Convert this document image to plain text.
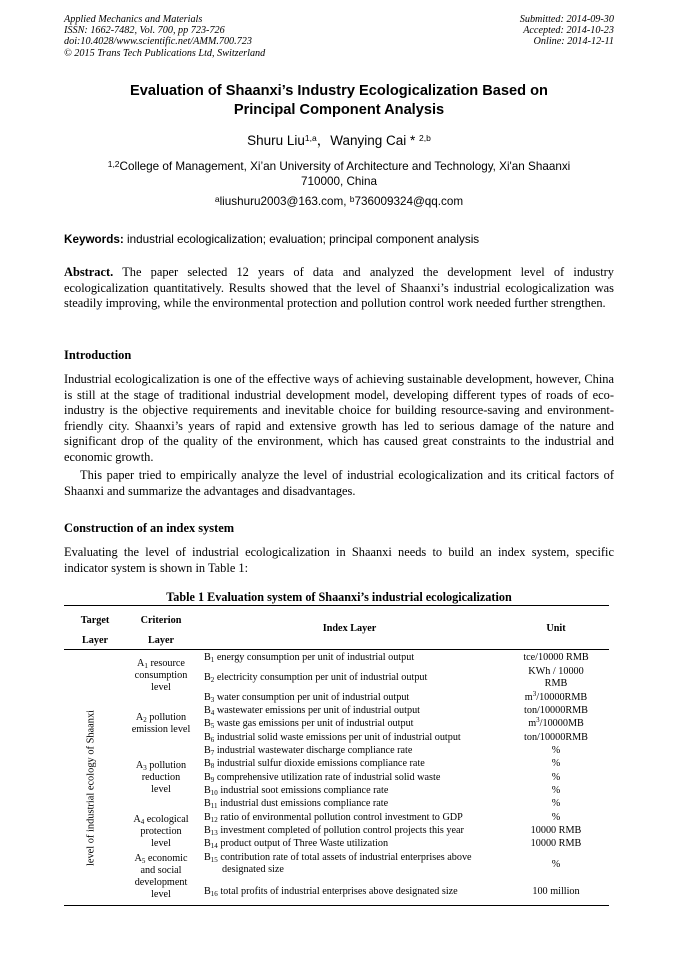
Applied Mechanics and Materials
ISSN: 1662-7482, Vol. 700, pp 723-726
doi:10.4028/www.scientific.net/AMM.700.723
© 2015 Trans Tech Publications Ltd, Switzerland
Submitted: 2014-09-30
Accepted: 2014-10-23
Online: 2014-12-11
Evaluation of Shaanxi’s Industry Ecologicalization Based on
Principal Component Analysis
Shuru Liu$^{1,a}$，Wanying Cai * $^{2,b}$
$^{1,2}$College of Management, Xi’an University of Architecture and Technology, Xi'an Shaanxi
710000, China
$^a$liushuru2003@163.com, $^b$736009324@qq.com
Keywords: industrial ecologicalization; evaluation; principal component analysis
Abstract. The paper selected 12 years of data and analyzed the development level of industry ecologicalization quantitatively. Results showed that the level of Shaanxi’s industrial ecologicalization was steadily improving, while the environmental protection and pollution control work needed further strengthen.
Introduction
Industrial ecologicalization is one of the effective ways of achieving sustainable development, however, China is still at the stage of traditional industrial development model, developing different types of roads of eco-industry is the objective requirements and inevitable choice for building resource-saving and environment-friendly city. Shaanxi’s years of rapid and extensive growth has led to serious damage of the nature and significant drop of the quality of the environment, which has caused great constraints to the industrial and economic growth.
This paper tried to empirically analyze the level of industrial ecologicalization and its critical factors of Shaanxi and summarize the advantages and disadvantages.
Construction of an index system
Evaluating the level of industrial ecologicalization in Shaanxi needs to build an index system, specific indicator system is shown in Table 1:
Table 1 Evaluation system of Shaanxi’s industrial ecologicalization
Target
Layer
Criterion
Layer
Index Layer	Unit
level of industrial ecology of Shaanxi
A1 resource
consumption
level
A2 pollution
emission level
A3 pollution
reduction
level
A4 ecological
protection
level
A5 economic
and social
development
level
B1 energy consumption per unit of industrial output
B2 electricity consumption per unit of industrial output
B3 water consumption per unit of industrial output
B4 wastewater emissions per unit of industrial output
B5 waste gas emissions per unit of industrial output
B6 industrial solid waste emissions per unit of industrial output
B7 industrial wastewater discharge compliance rate
B8 industrial sulfur dioxide emissions compliance rate
B9 comprehensive utilization rate of industrial solid waste
B10 industrial soot emissions compliance rate
B11 industrial dust emissions compliance rate
B12 ratio of environmental pollution control investment to GDP
B13 investment completed of pollution control projects this year
B14 product output of Three Waste utilization
B15 contribution rate of total assets of industrial enterprises above
designated size
B16 total profits of industrial enterprises above designated size
tce/10000 RMB
KWh / 10000
RMB
$m^3/10000RMB$
ton/10000RMB
$m^3/10000MB$
ton/10000RMB
%
%
%
%
%
%
10000 RMB
10000 RMB
%
100 million
